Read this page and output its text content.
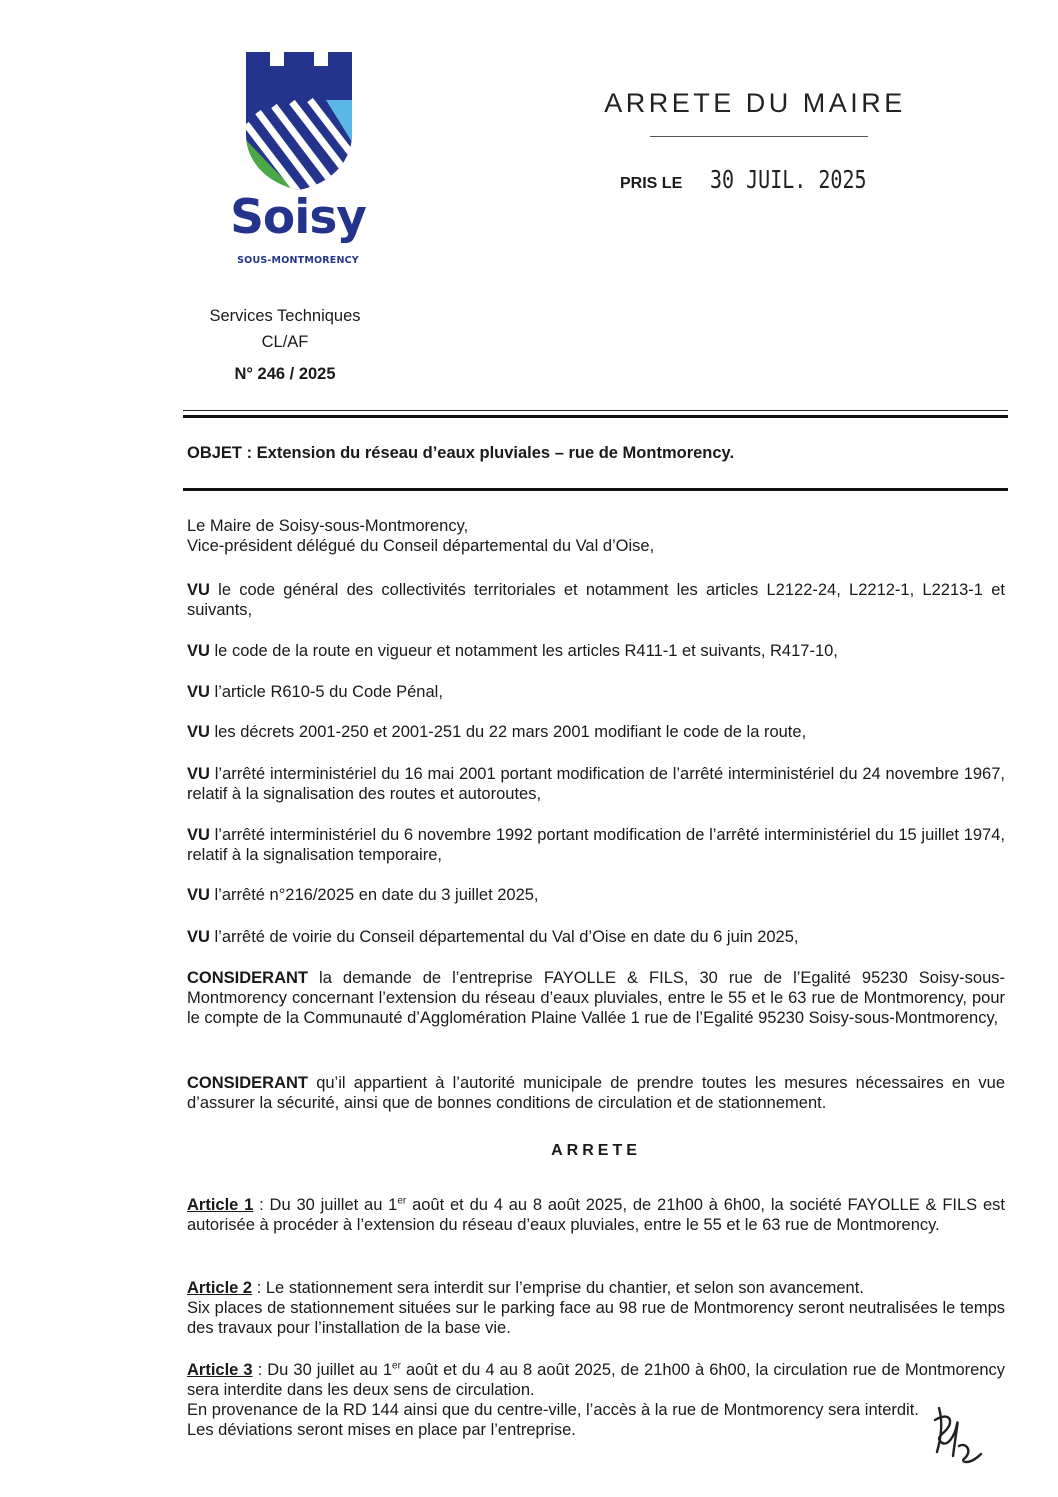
Soisy
SOUS-MONTMORENCY
ARRETE DU MAIRE
PRIS LE 30 JUIL. 2025
Services Techniques
CL/AF
N° 246 / 2025
OBJET : Extension du réseau d’eaux pluviales – rue de Montmorency.
Le Maire de Soisy-sous-Montmorency,
Vice-président délégué du Conseil départemental du Val d’Oise,
VU le code général des collectivités territoriales et notamment les articles L2122-24, L2212-1, L2213-1 et suivants,
VU le code de la route en vigueur et notamment les articles R411-1 et suivants, R417-10,
VU l’article R610-5 du Code Pénal,
VU les décrets 2001-250 et 2001-251 du 22 mars 2001 modifiant le code de la route,
VU l’arrêté interministériel du 16 mai 2001 portant modification de l’arrêté interministériel du 24 novembre 1967, relatif à la signalisation des routes et autoroutes,
VU l’arrêté interministériel du 6 novembre 1992 portant modification de l’arrêté interministériel du 15 juillet 1974, relatif à la signalisation temporaire,
VU l’arrêté n°216/2025 en date du 3 juillet 2025,
VU l’arrêté de voirie du Conseil départemental du Val d’Oise en date du 6 juin 2025,
CONSIDERANT la demande de l’entreprise FAYOLLE & FILS, 30 rue de l’Egalité 95230 Soisy-sous-Montmorency concernant l’extension du réseau d’eaux pluviales, entre le 55 et le 63 rue de Montmorency, pour le compte de la Communauté d’Agglomération Plaine Vallée 1 rue de l’Egalité 95230 Soisy-sous-Montmorency,
CONSIDERANT qu’il appartient à l’autorité municipale de prendre toutes les mesures nécessaires en vue d’assurer la sécurité, ainsi que de bonnes conditions de circulation et de stationnement.
ARRETE
Article 1 : Du 30 juillet au 1er août et du 4 au 8 août 2025, de 21h00 à 6h00, la société FAYOLLE & FILS est autorisée à procéder à l’extension du réseau d’eaux pluviales, entre le 55 et le 63 rue de Montmorency.
Article 2 : Le stationnement sera interdit sur l’emprise du chantier, et selon son avancement.
Six places de stationnement situées sur le parking face au 98 rue de Montmorency seront neutralisées le temps des travaux pour l’installation de la base vie.
Article 3 : Du 30 juillet au 1er août et du 4 au 8 août 2025, de 21h00 à 6h00, la circulation rue de Montmorency sera interdite dans les deux sens de circulation.
En provenance de la RD 144 ainsi que du centre-ville, l’accès à la rue de Montmorency sera interdit.
Les déviations seront mises en place par l’entreprise.
